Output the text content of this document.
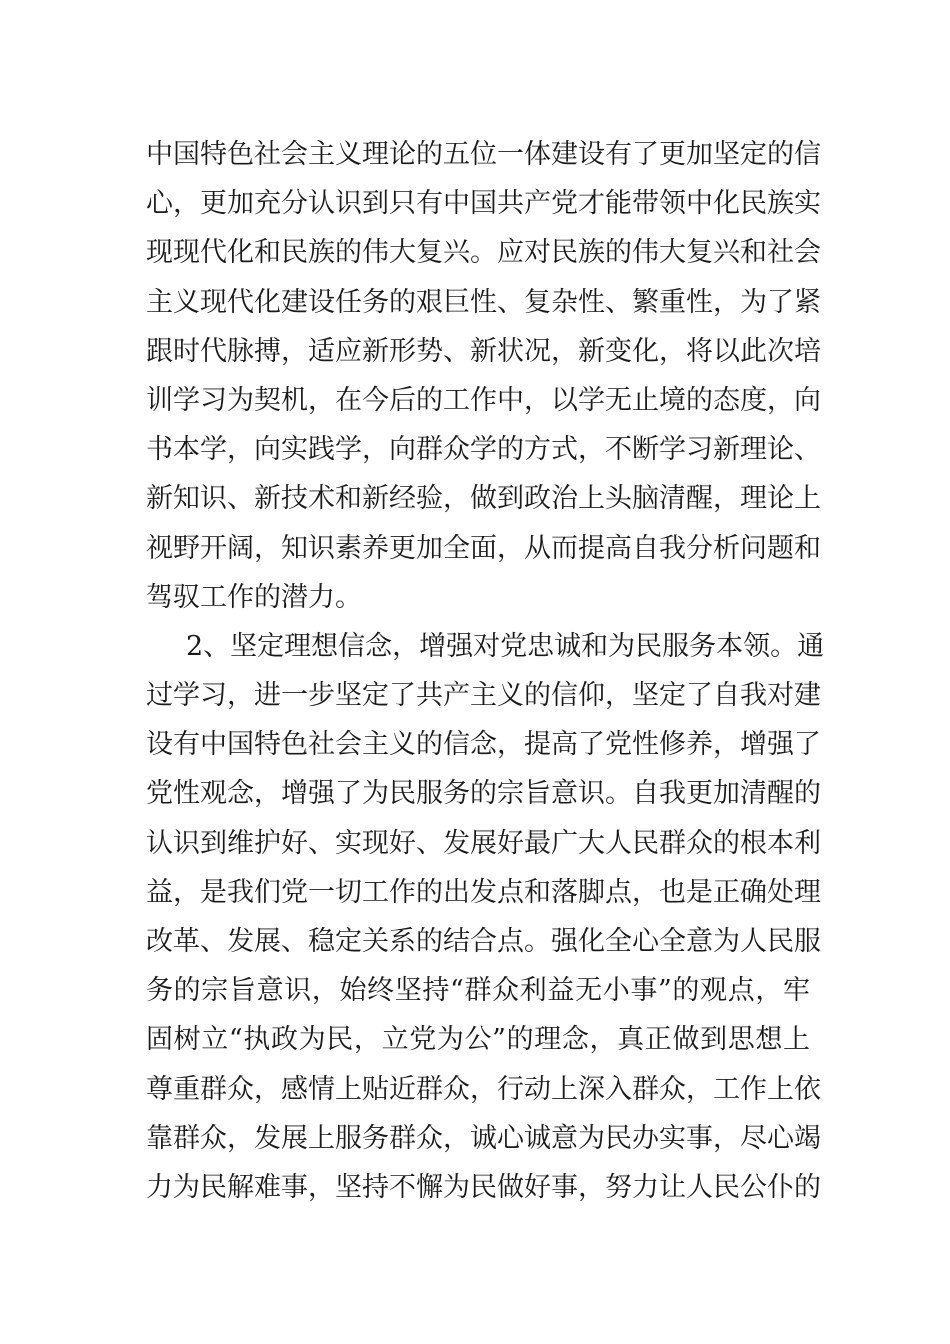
中国特色社会主义理论的五位一体建设有了更加坚定的信
心，更加充分认识到只有中国共产党才能带领中化民族实
现现代化和民族的伟大复兴。应对民族的伟大复兴和社会
主义现代化建设任务的艰巨性、复杂性、繁重性，为了紧
跟时代脉搏，适应新形势、新状况，新变化，将以此次培
训学习为契机，在今后的工作中，以学无止境的态度，向
书本学，向实践学，向群众学的方式，不断学习新理论、
新知识、新技术和新经验，做到政治上头脑清醒，理论上
视野开阔，知识素养更加全面，从而提高自我分析问题和
驾驭工作的潜力。
2、坚定理想信念，增强对党忠诚和为民服务本领。通
过学习，进一步坚定了共产主义的信仰，坚定了自我对建
设有中国特色社会主义的信念，提高了党性修养，增强了
党性观念，增强了为民服务的宗旨意识。自我更加清醒的
认识到维护好、实现好、发展好最广大人民群众的根本利
益，是我们党一切工作的出发点和落脚点，也是正确处理
改革、发展、稳定关系的结合点。强化全心全意为人民服
务的宗旨意识，始终坚持“群众利益无小事”的观点，牢
固树立“执政为民，立党为公”的理念，真正做到思想上
尊重群众，感情上贴近群众，行动上深入群众，工作上依
靠群众，发展上服务群众，诚心诚意为民办实事，尽心竭
力为民解难事，坚持不懈为民做好事，努力让人民公仆的
